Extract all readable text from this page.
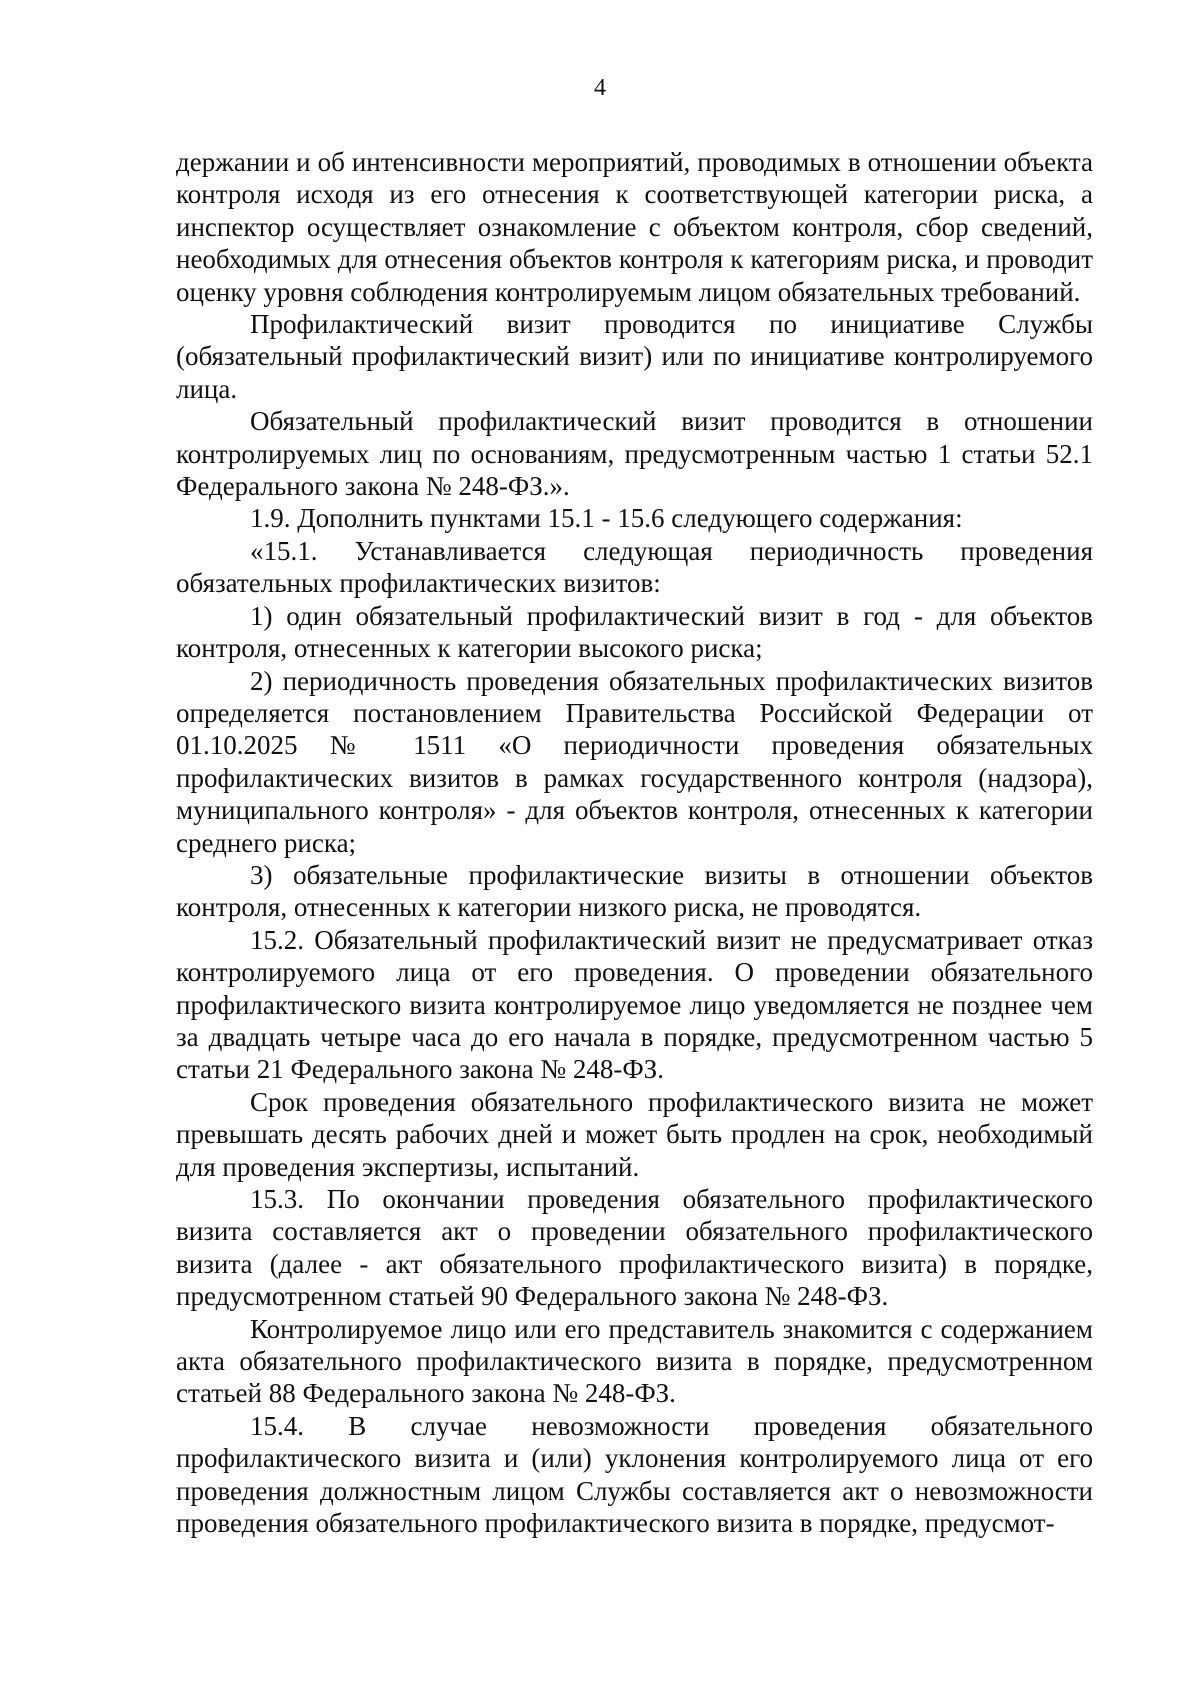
4

держании и об интенсивности мероприятий, проводимых в отношении объекта контроля исходя из его отнесения к соответствующей категории риска, а инспектор осуществляет ознакомление с объектом контроля, сбор сведений, необходимых для отнесения объектов контроля к категориям риска, и проводит оценку уровня соблюдения контролируемым лицом обязательных требований.

Профилактический визит проводится по инициативе Службы (обязательный профилактический визит) или по инициативе контролируемого лица.

Обязательный профилактический визит проводится в отношении контролируемых лиц по основаниям, предусмотренным частью 1 статьи 52.1 Федерального закона № 248-ФЗ.».

1.9. Дополнить пунктами 15.1 - 15.6 следующего содержания:

«15.1. Устанавливается следующая периодичность проведения обязательных профилактических визитов:

1) один обязательный профилактический визит в год - для объектов контроля, отнесенных к категории высокого риска;

2) периодичность проведения обязательных профилактических визитов определяется постановлением Правительства Российской Федерации от 01.10.2025 № 1511 «О периодичности проведения обязательных профилактических визитов в рамках государственного контроля (надзора), муниципального контроля» - для объектов контроля, отнесенных к категории среднего риска;

3) обязательные профилактические визиты в отношении объектов контроля, отнесенных к категории низкого риска, не проводятся.

15.2. Обязательный профилактический визит не предусматривает отказ контролируемого лица от его проведения. О проведении обязательного профилактического визита контролируемое лицо уведомляется не позднее чем за двадцать четыре часа до его начала в порядке, предусмотренном частью 5 статьи 21 Федерального закона № 248-ФЗ.

Срок проведения обязательного профилактического визита не может превышать десять рабочих дней и может быть продлен на срок, необходимый для проведения экспертизы, испытаний.

15.3. По окончании проведения обязательного профилактического визита составляется акт о проведении обязательного профилактического визита (далее - акт обязательного профилактического визита) в порядке, предусмотренном статьей 90 Федерального закона № 248-ФЗ.

Контролируемое лицо или его представитель знакомится с содержанием акта обязательного профилактического визита в порядке, предусмотренном статьей 88 Федерального закона № 248-ФЗ.

15.4. В случае невозможности проведения обязательного профилактического визита и (или) уклонения контролируемого лица от его проведения должностным лицом Службы составляется акт о невозможности проведения обязательного профилактического визита в порядке, предусмот-
